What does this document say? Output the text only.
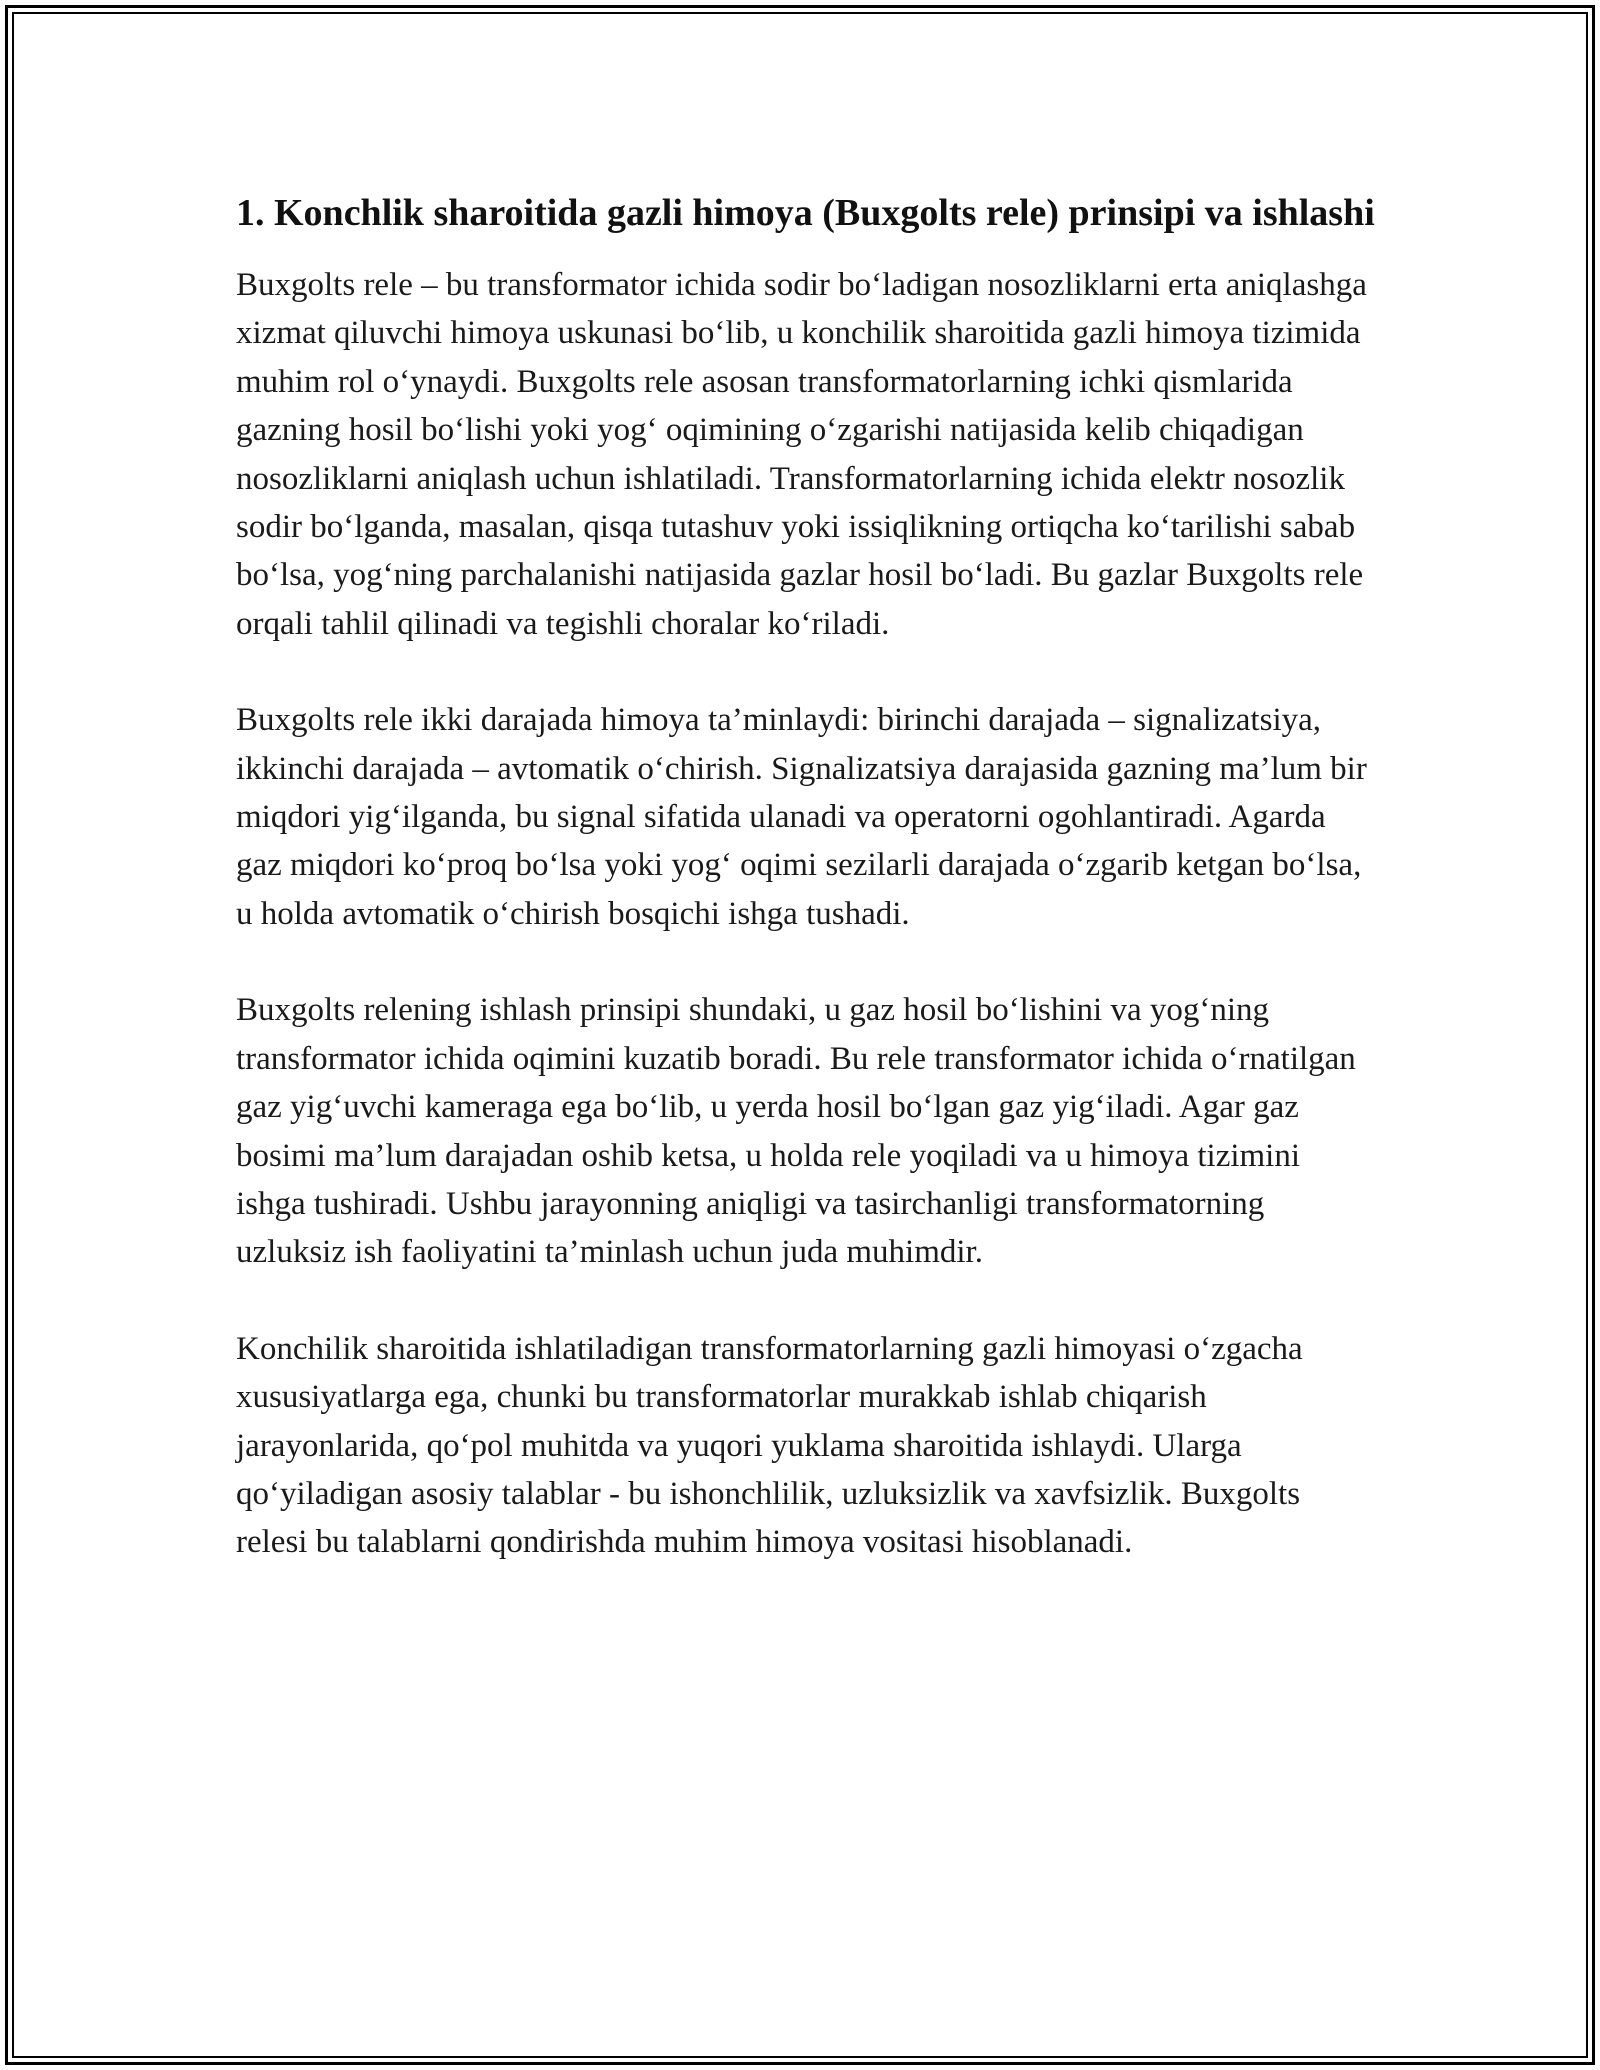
1. Konchlik sharoitida gazli himoya (Buxgolts rele) prinsipi va ishlashi

Buxgolts rele – bu transformator ichida sodir bo‘ladigan nosozliklarni erta aniqlashga xizmat qiluvchi himoya uskunasi bo‘lib, u konchilik sharoitida gazli himoya tizimida muhim rol o‘ynaydi. Buxgolts rele asosan transformatorlarning ichki qismlarida gazning hosil bo‘lishi yoki yog‘ oqimining o‘zgarishi natijasida kelib chiqadigan nosozliklarni aniqlash uchun ishlatiladi. Transformatorlarning ichida elektr nosozlik sodir bo‘lganda, masalan, qisqa tutashuv yoki issiqlikning ortiqcha ko‘tarilishi sabab bo‘lsa, yog‘ning parchalanishi natijasida gazlar hosil bo‘ladi. Bu gazlar Buxgolts rele orqali tahlil qilinadi va tegishli choralar ko‘riladi.

Buxgolts rele ikki darajada himoya ta’minlaydi: birinchi darajada – signalizatsiya, ikkinchi darajada – avtomatik o‘chirish. Signalizatsiya darajasida gazning ma’lum bir miqdori yig‘ilganda, bu signal sifatida ulanadi va operatorni ogohlantiradi. Agarda gaz miqdori ko‘proq bo‘lsa yoki yog‘ oqimi sezilarli darajada o‘zgarib ketgan bo‘lsa, u holda avtomatik o‘chirish bosqichi ishga tushadi.

Buxgolts relening ishlash prinsipi shundaki, u gaz hosil bo‘lishini va yog‘ning transformator ichida oqimini kuzatib boradi. Bu rele transformator ichida o‘rnatilgan gaz yig‘uvchi kameraga ega bo‘lib, u yerda hosil bo‘lgan gaz yig‘iladi. Agar gaz bosimi ma’lum darajadan oshib ketsa, u holda rele yoqiladi va u himoya tizimini ishga tushiradi. Ushbu jarayonning aniqligi va tasirchanligi transformatorning uzluksiz ish faoliyatini ta’minlash uchun juda muhimdir.

Konchilik sharoitida ishlatiladigan transformatorlarning gazli himoyasi o‘zgacha xususiyatlarga ega, chunki bu transformatorlar murakkab ishlab chiqarish jarayonlarida, qo‘pol muhitda va yuqori yuklama sharoitida ishlaydi. Ularga qo‘yiladigan asosiy talablar - bu ishonchlilik, uzluksizlik va xavfsizlik. Buxgolts relesi bu talablarni qondirishda muhim himoya vositasi hisoblanadi.
